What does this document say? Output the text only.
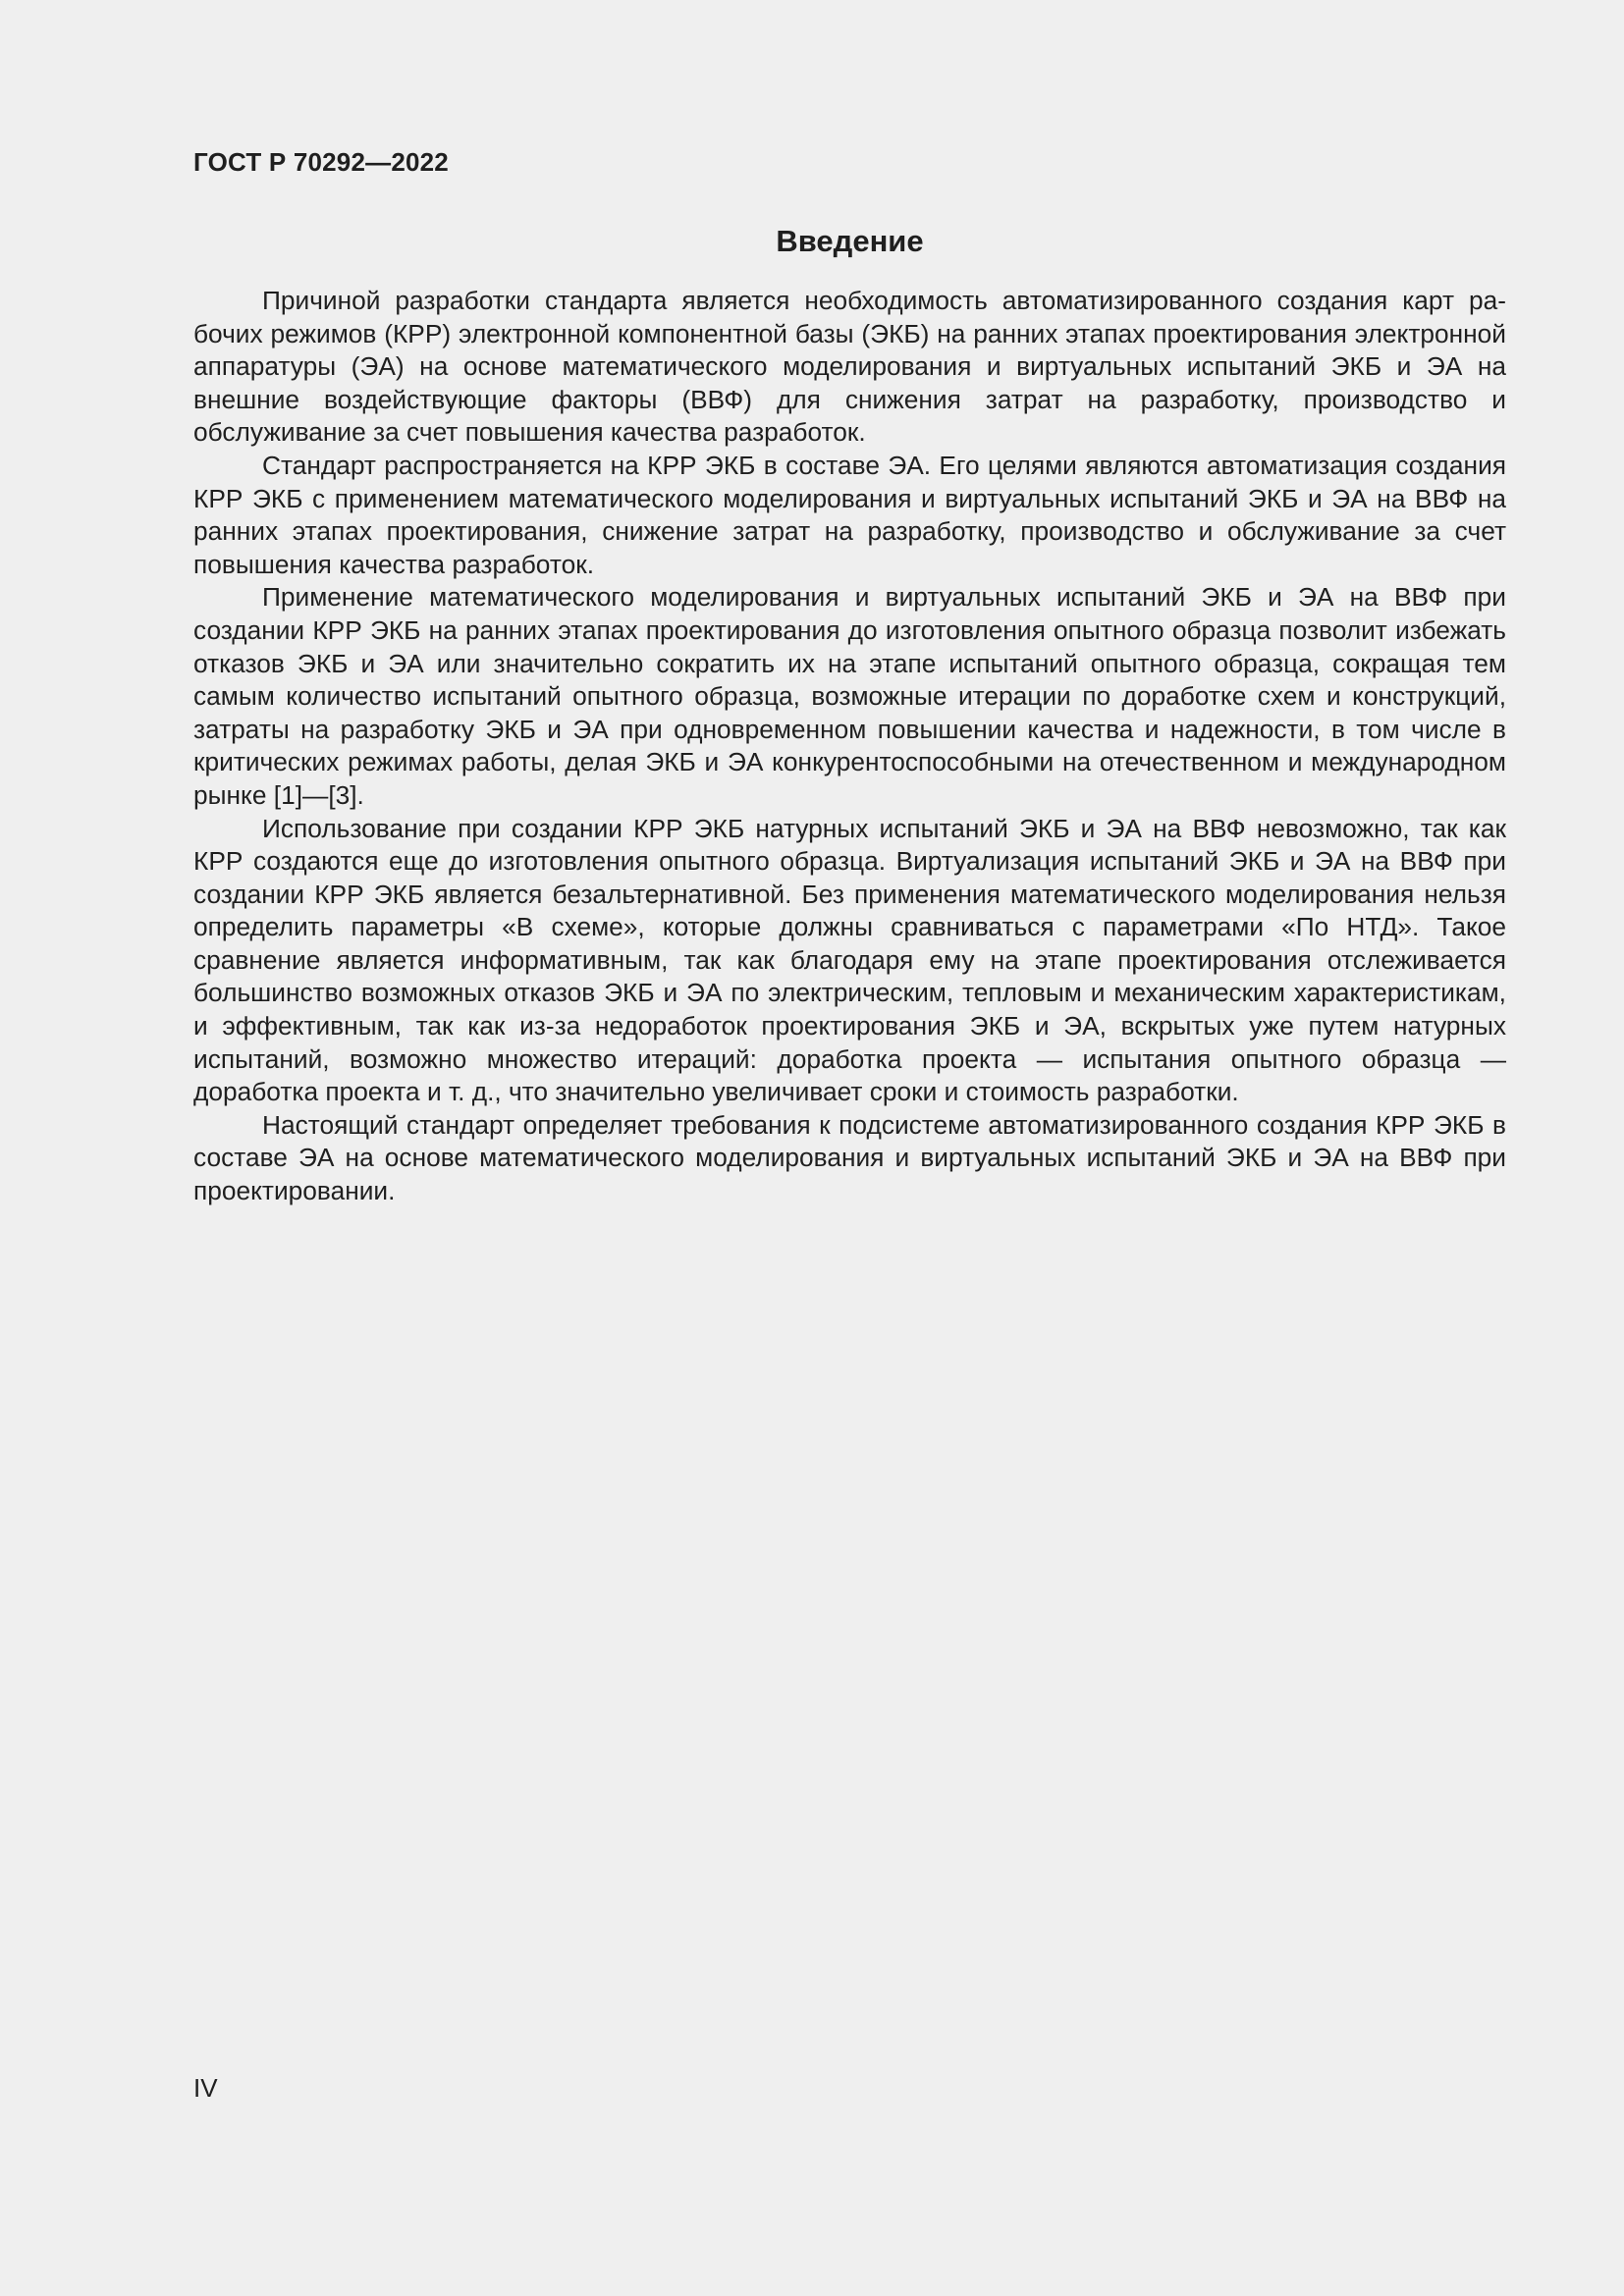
ГОСТ Р 70292—2022
Введение

Причиной разработки стандарта является необходимость автоматизированного создания карт рабочих режимов (КРР) электронной компонентной базы (ЭКБ) на ранних этапах проектирования электронной аппаратуры (ЭА) на основе математического моделирования и виртуальных испытаний ЭКБ и ЭА на внешние воздействующие факторы (ВВФ) для снижения затрат на разработку, производство и обслуживание за счет повышения качества разработок.

Стандарт распространяется на КРР ЭКБ в составе ЭА. Его целями являются автоматизация создания КРР ЭКБ с применением математического моделирования и виртуальных испытаний ЭКБ и ЭА на ВВФ на ранних этапах проектирования, снижение затрат на разработку, производство и обслуживание за счет повышения качества разработок.

Применение математического моделирования и виртуальных испытаний ЭКБ и ЭА на ВВФ при создании КРР ЭКБ на ранних этапах проектирования до изготовления опытного образца позволит избежать отказов ЭКБ и ЭА или значительно сократить их на этапе испытаний опытного образца, сокращая тем самым количество испытаний опытного образца, возможные итерации по доработке схем и конструкций, затраты на разработку ЭКБ и ЭА при одновременном повышении качества и надежности, в том числе в критических режимах работы, делая ЭКБ и ЭА конкурентоспособными на отечественном и международном рынке [1]—[3].

Использование при создании КРР ЭКБ натурных испытаний ЭКБ и ЭА на ВВФ невозможно, так как КРР создаются еще до изготовления опытного образца. Виртуализация испытаний ЭКБ и ЭА на ВВФ при создании КРР ЭКБ является безальтернативной. Без применения математического моделирования нельзя определить параметры «В схеме», которые должны сравниваться с параметрами «По НТД». Такое сравнение является информативным, так как благодаря ему на этапе проектирования отслеживается большинство возможных отказов ЭКБ и ЭА по электрическим, тепловым и механическим характеристикам, и эффективным, так как из-за недоработок проектирования ЭКБ и ЭА, вскрытых уже путем натурных испытаний, возможно множество итераций: доработка проекта — испытания опытного образца — доработка проекта и т. д., что значительно увеличивает сроки и стоимость разработки.

Настоящий стандарт определяет требования к подсистеме автоматизированного создания КРР ЭКБ в составе ЭА на основе математического моделирования и виртуальных испытаний ЭКБ и ЭА на ВВФ при проектировании.

IV
